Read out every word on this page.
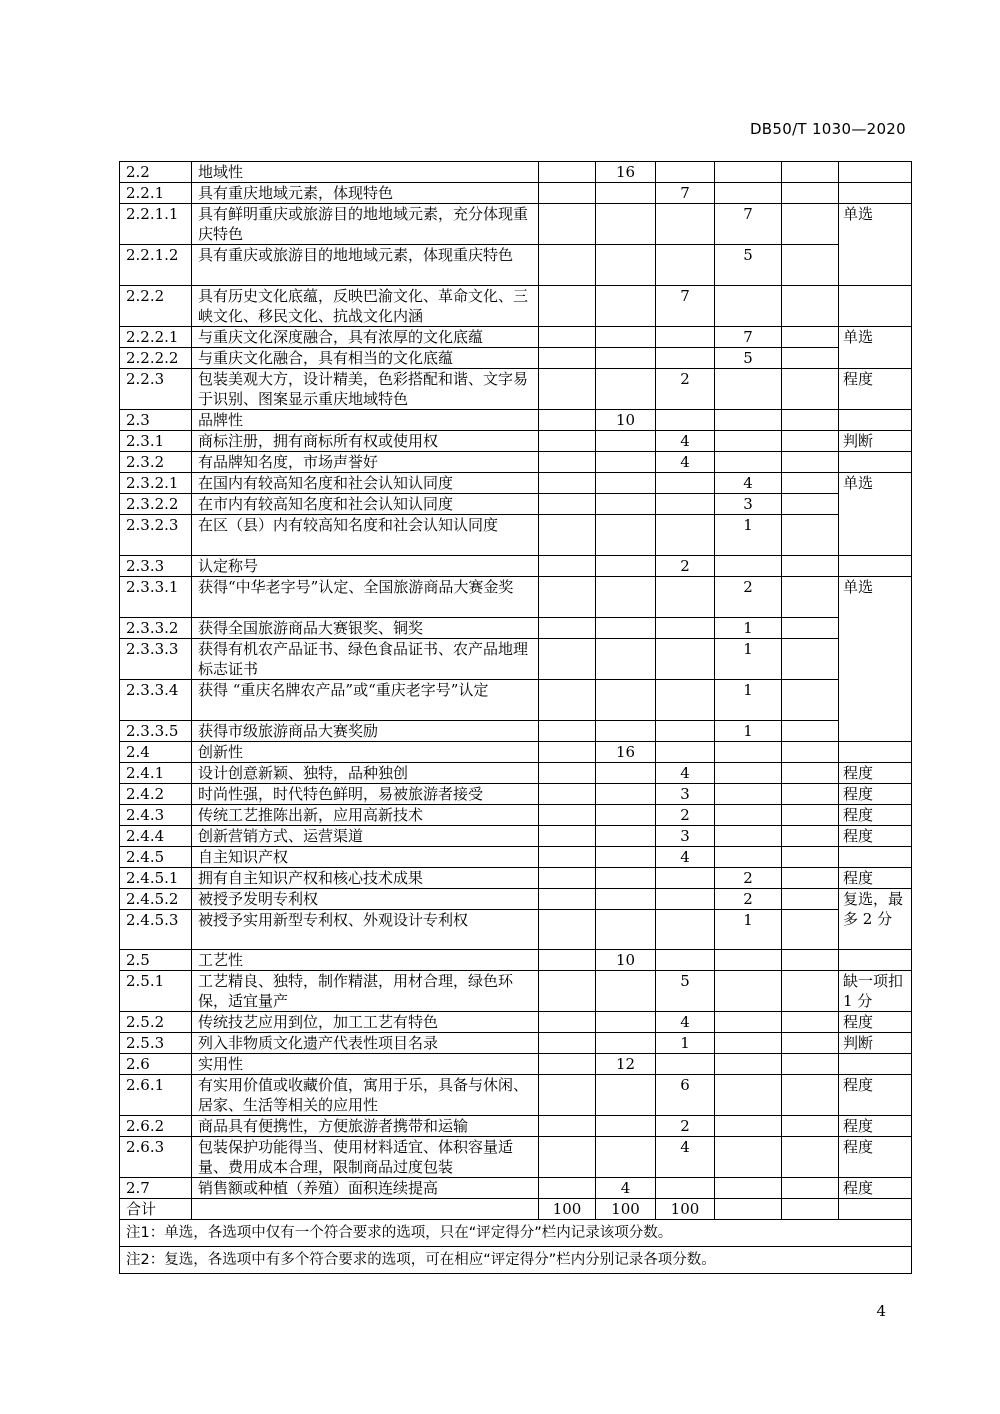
DB50/T 1030—2020
2.2	地域性		16				
2.2.1	具有重庆地域元素，体现特色			7			
2.2.1.1	具有鲜明重庆或旅游目的地地域元素，充分体现重庆特色				7		单选
2.2.1.2	具有重庆或旅游目的地地域元素，体现重庆特色				5		
2.2.2	具有历史文化底蕴，反映巴渝文化、革命文化、三峡文化、移民文化、抗战文化内涵			7			
2.2.2.1	与重庆文化深度融合，具有浓厚的文化底蕴				7		单选
2.2.2.2	与重庆文化融合，具有相当的文化底蕴				5		
2.2.3	包装美观大方，设计精美，色彩搭配和谐、文字易于识别、图案显示重庆地域特色			2			程度
2.3	品牌性		10				
2.3.1	商标注册，拥有商标所有权或使用权			4			判断
2.3.2	有品牌知名度，市场声誉好			4			
2.3.2.1	在国内有较高知名度和社会认知认同度				4		单选
2.3.2.2	在市内有较高知名度和社会认知认同度				3		
2.3.2.3	在区（县）内有较高知名度和社会认知认同度				1		
2.3.3	认定称号			2			
2.3.3.1	获得“中华老字号”认定、全国旅游商品大赛金奖				2		单选
2.3.3.2	获得全国旅游商品大赛银奖、铜奖				1		
2.3.3.3	获得有机农产品证书、绿色食品证书、农产品地理标志证书				1		
2.3.3.4	获得 “重庆名牌农产品”或“重庆老字号”认定				1		
2.3.3.5	获得市级旅游商品大赛奖励				1		
2.4	创新性		16				
2.4.1	设计创意新颖、独特，品种独创			4			程度
2.4.2	时尚性强，时代特色鲜明，易被旅游者接受			3			程度
2.4.3	传统工艺推陈出新，应用高新技术			2			程度
2.4.4	创新营销方式、运营渠道			3			程度
2.4.5	自主知识产权			4			
2.4.5.1	拥有自主知识产权和核心技术成果				2		程度
2.4.5.2	被授予发明专利权				2		复选，最多 2 分
2.4.5.3	被授予实用新型专利权、外观设计专利权				1		
2.5	工艺性		10				
2.5.1	工艺精良、独特，制作精湛，用材合理，绿色环保，适宜量产			5			缺一项扣 1 分
2.5.2	传统技艺应用到位，加工工艺有特色			4			程度
2.5.3	列入非物质文化遗产代表性项目名录			1			判断
2.6	实用性		12				
2.6.1	有实用价值或收藏价值，寓用于乐，具备与休闲、居家、生活等相关的应用性			6			程度
2.6.2	商品具有便携性，方便旅游者携带和运输			2			程度
2.6.3	包装保护功能得当、使用材料适宜、体积容量适量、费用成本合理，限制商品过度包装			4			程度
2.7	销售额或种植（养殖）面积连续提高		4				程度
合计		100	100	100			
注1：单选，各选项中仅有一个符合要求的选项，只在“评定得分”栏内记录该项分数。							
注2：复选，各选项中有多个符合要求的选项，可在相应“评定得分”栏内分别记录各项分数。							
4
